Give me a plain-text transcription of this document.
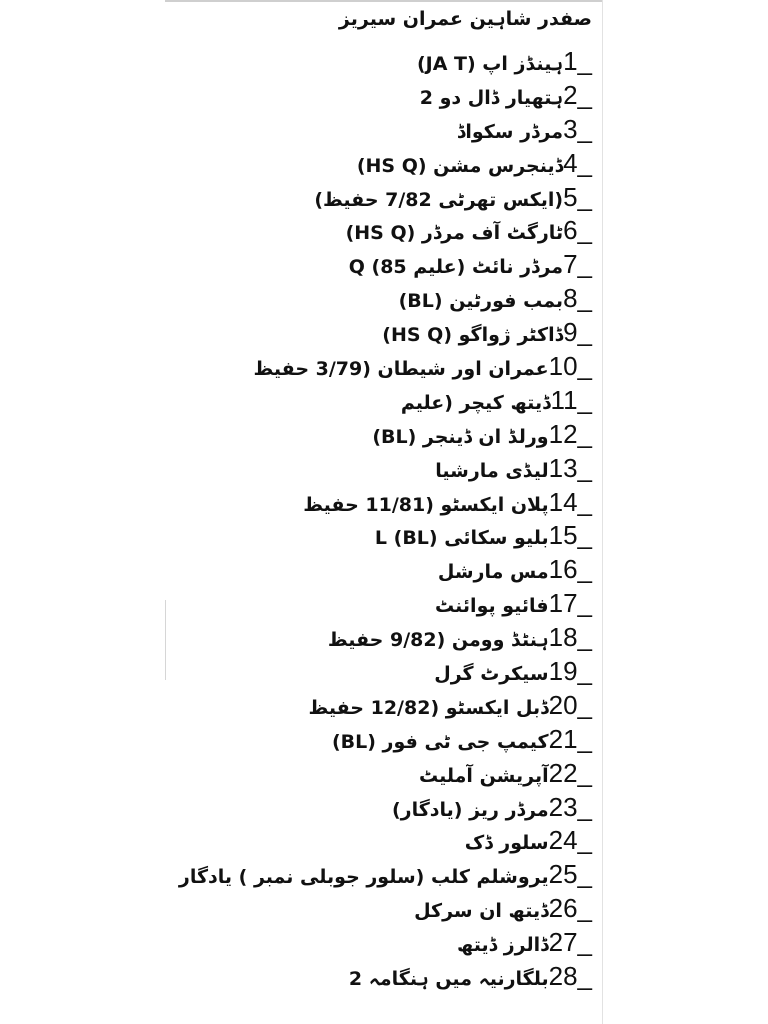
صفدر شاہین عمران سیریز
1_ہینڈز اپ (JA T)
2_ہتھیار ڈال دو 2
3_مرڈر سکواڈ
4_ڈینجرس مشن (HS Q)
5_(ایکس تھرٹی 7/82 حفیظ)
6_ٹارگٹ آف مرڈر (HS Q)
7_مرڈر نائٹ (علیم 85) Q
8_بمب فورٹین (BL)
9_ڈاکٹر ژواگو (HS Q)
10_عمران اور شیطان (3/79 حفیظ
11_ڈیتھ کیچر (علیم
12_ورلڈ ان ڈینجر (BL)
13_لیڈی مارشیا
14_پلان ایکسٹو (11/81 حفیظ
15_بلیو سکائی (BL) L
16_مس مارشل
17_فائیو پوائنٹ
18_ہنٹڈ وومن (9/82 حفیظ
19_سیکرٹ گرل
20_ڈبل ایکسٹو (12/82 حفیظ
21_کیمپ جی ٹی فور (BL)
22_آپریشن آملیٹ
23_مرڈر ریز (یادگار)
24_سلور ڈک
25_یروشلم کلب (سلور جوبلی نمبر ) یادگار
26_ڈیتھ ان سرکل
27_ڈالرز ڈیتھ
28_بلگارنیہ میں ہنگامہ 2
